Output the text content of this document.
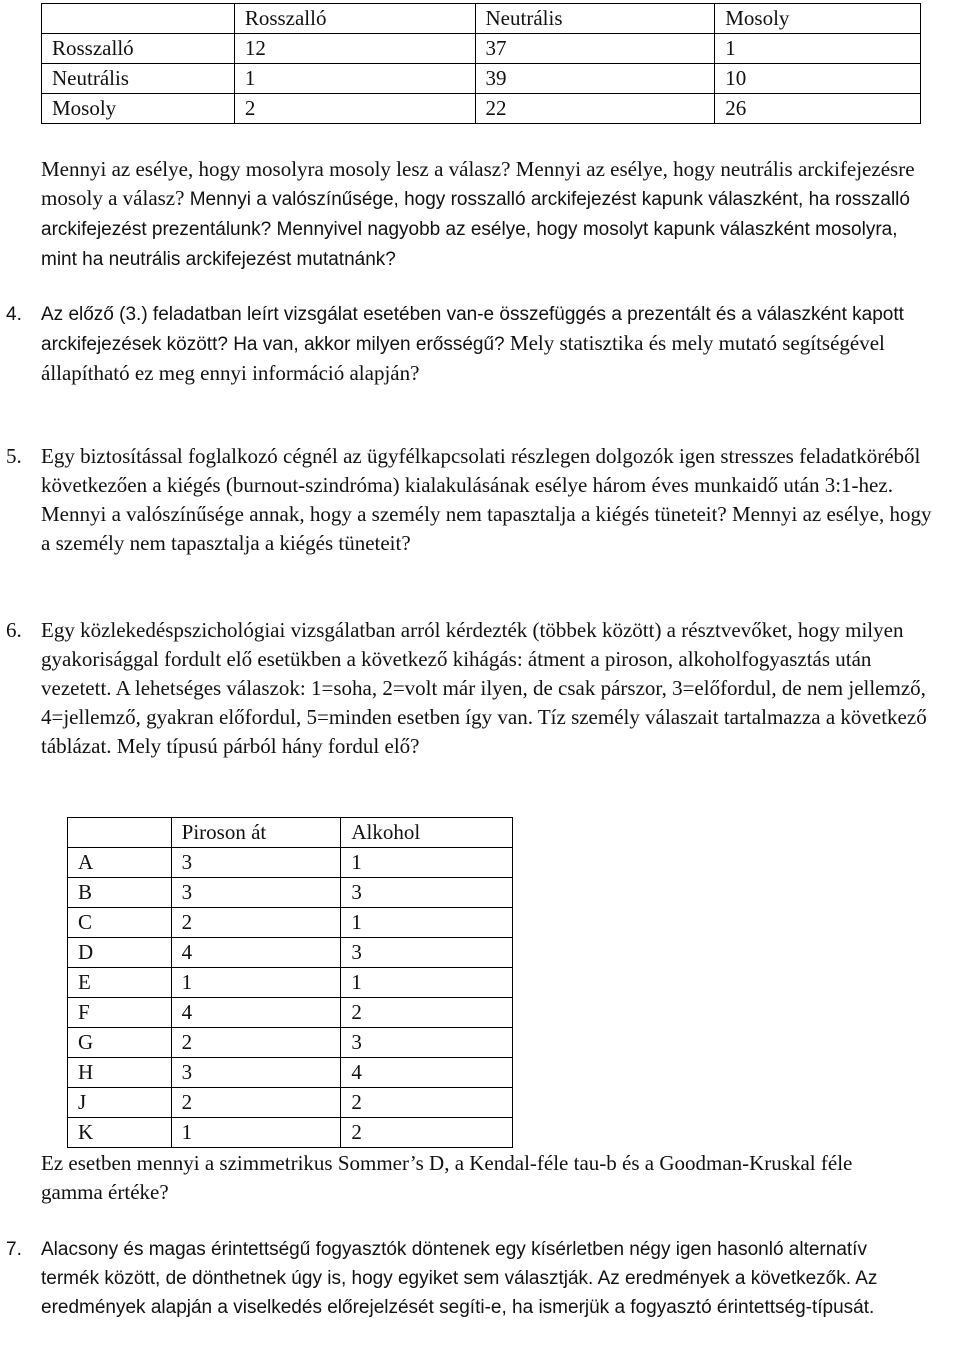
	Rosszalló	Neutrális	Mosoly
Rosszalló	12	37	1
Neutrális	1	39	10
Mosoly	2	22	26

Mennyi az esélye, hogy mosolyra mosoly lesz a válasz? Mennyi az esélye, hogy neutrális arckifejezésre mosoly a válasz? Mennyi a valószínűsége, hogy rosszalló arckifejezést kapunk válaszként, ha rosszalló arckifejezést prezentálunk? Mennyivel nagyobb az esélye, hogy mosolyt kapunk válaszként mosolyra, mint ha neutrális arckifejezést mutatnánk?

4. Az előző (3.) feladatban leírt vizsgálat esetében van-e összefüggés a prezentált és a válaszként kapott arckifejezések között? Ha van, akkor milyen erősségű? Mely statisztika és mely mutató segítségével állapítható ez meg ennyi információ alapján?

5. Egy biztosítással foglalkozó cégnél az ügyfélkapcsolati részlegen dolgozók igen stresszes feladatköréből következően a kiégés (burnout-szindróma) kialakulásának esélye három éves munkaidő után 3:1-hez. Mennyi a valószínűsége annak, hogy a személy nem tapasztalja a kiégés tüneteit? Mennyi az esélye, hogy a személy nem tapasztalja a kiégés tüneteit?

6. Egy közlekedéspszichológiai vizsgálatban arról kérdezték (többek között) a résztvevőket, hogy milyen gyakorisággal fordult elő esetükben a következő kihágás: átment a piroson, alkoholfogyasztás után vezetett. A lehetséges válaszok: 1=soha, 2=volt már ilyen, de csak párszor, 3=előfordul, de nem jellemző, 4=jellemző, gyakran előfordul, 5=minden esetben így van. Tíz személy válaszait tartalmazza a következő táblázat. Mely típusú párból hány fordul elő?

	Piroson át	Alkohol
A	3	1
B	3	3
C	2	1
D	4	3
E	1	1
F	4	2
G	2	3
H	3	4
J	2	2
K	1	2

Ez esetben mennyi a szimmetrikus Sommer’s D, a Kendal-féle tau-b és a Goodman-Kruskal féle gamma értéke?

7. Alacsony és magas érintettségű fogyasztók döntenek egy kísérletben négy igen hasonló alternatív termék között, de dönthetnek úgy is, hogy egyiket sem választják. Az eredmények a következők. Az eredmények alapján a viselkedés előrejelzését segíti-e, ha ismerjük a fogyasztó érintettség-típusát.
